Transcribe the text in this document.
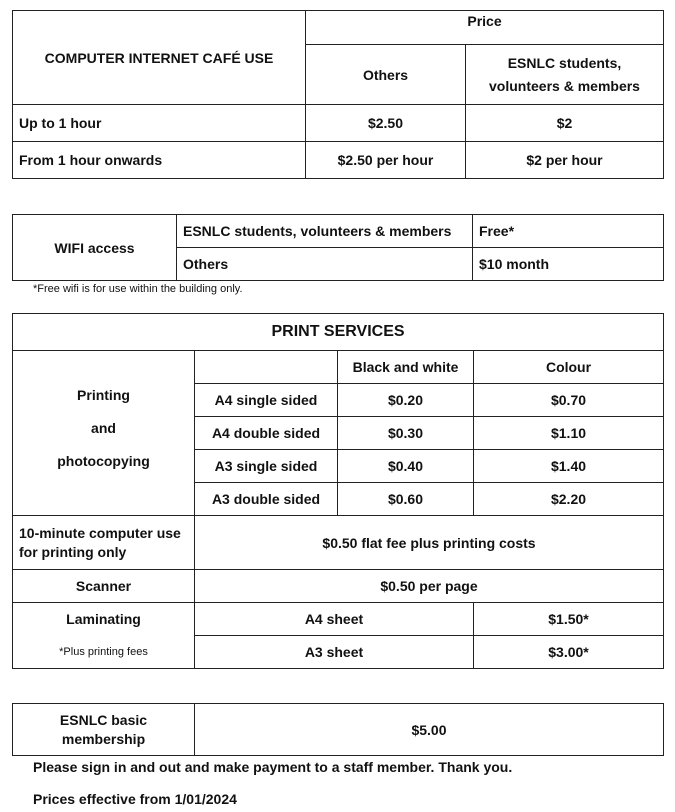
COMPUTER INTERNET CAFÉ USE	Price	
	Others	ESNLC students, volunteers & members
Up to 1 hour	$2.50	$2
From 1 hour onwards	$2.50 per hour	$2 per hour
WIFI access	ESNLC students, volunteers & members	Free*
	Others	$10 month
*Free wifi is for use within the building only.
PRINT SERVICES			

Printing
and
photocopying		Black and white	Colour
	A4 single sided	$0.20	$0.70
	A4 double sided	$0.30	$1.10
	A3 single sided	$0.40	$1.40
	A3 double sided	$0.60	$2.20
10-minute computer use for printing only	$0.50 flat fee plus printing costs		
Scanner	$0.50 per page		
Laminating	A4 sheet		$1.50*
*Plus printing fees	A3 sheet		$3.00*
ESNLC basic membership	$5.00
Please sign in and out and make payment to a staff member. Thank you.
Prices effective from 1/01/2024
